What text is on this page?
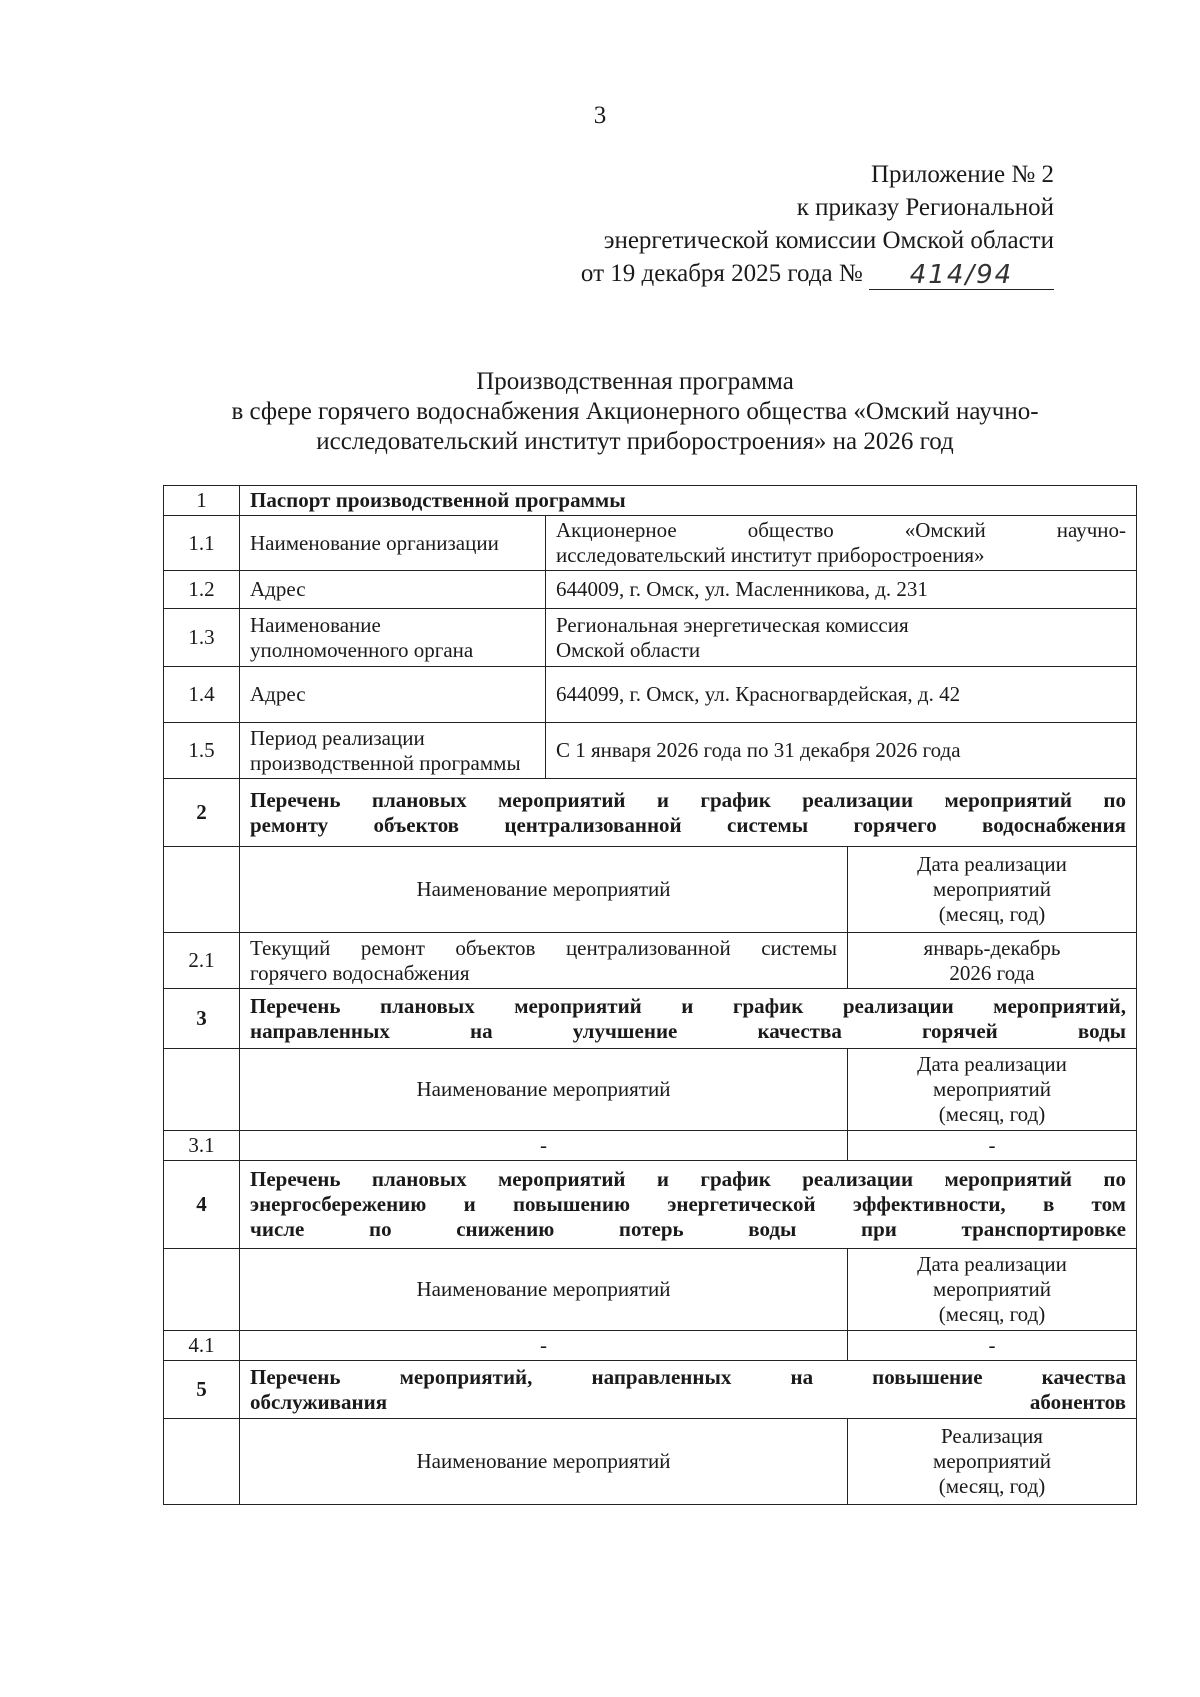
3
Приложение № 2
к приказу Региональной
энергетической комиссии Омской области
от 19 декабря 2025 года № 414/94
Производственная программа
в сфере горячего водоснабжения Акционерного общества «Омский научно-
исследовательский институт приборостроения» на 2026 год
1	Паспорт производственной программы		
1.1	Наименование организации	Акционерное общество «Омский научно-
исследовательский институт приборостроения»	

1.2	Адрес	644009, г. Омск, ул. Масленникова, д. 231	
1.3	Наименование
уполномоченного органа	Региональная энергетическая комиссия
Омской области	

1.4	Адрес	644099, г. Омск, ул. Красногвардейская, д. 42	
1.5	Период реализации
производственной программы	С 1 января 2026 года по 31 декабря 2026 года	
2	Перечень плановых мероприятий и график реализации мероприятий по
ремонту объектов централизованной системы горячего водоснабжения		

	Наименование мероприятий		Дата реализации
мероприятий
(месяц, год)

2.1	Текущий ремонт объектов централизованной системы
горячего водоснабжения		январь-декабрь
2026 года

3	Перечень плановых мероприятий и график реализации мероприятий,
направленных на улучшение качества горячей воды		

	Наименование мероприятий		Дата реализации
мероприятий
(месяц, год)

3.1	-		-
4	Перечень плановых мероприятий и график реализации мероприятий по
энергосбережению и повышению энергетической эффективности, в том
числе по снижению потерь воды при транспортировке		

	Наименование мероприятий		Дата реализации
мероприятий
(месяц, год)

4.1	-		-
5	Перечень мероприятий, направленных на повышение качества
обслуживания абонентов		

	Наименование мероприятий		Реализация
мероприятий
(месяц, год)
